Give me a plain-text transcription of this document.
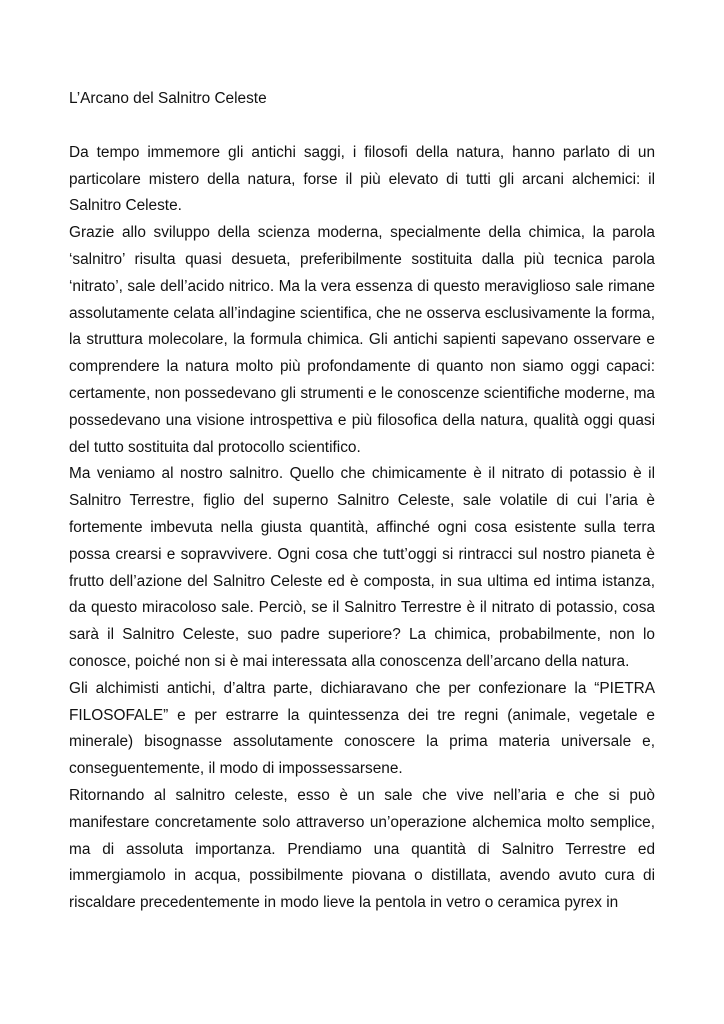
L’Arcano del Salnitro Celeste

Da tempo immemore gli antichi saggi, i filosofi della natura, hanno parlato di un particolare mistero della natura, forse il più elevato di tutti gli arcani alchemici: il Salnitro Celeste.

Grazie allo sviluppo della scienza moderna, specialmente della chimica, la parola ‘salnitro’ risulta quasi desueta, preferibilmente sostituita dalla più tecnica parola ‘nitrato’, sale dell’acido nitrico. Ma la vera essenza di questo meraviglioso sale rimane assolutamente celata all’indagine scientifica, che ne osserva esclusivamente la forma, la struttura molecolare, la formula chimica. Gli antichi sapienti sapevano osservare e comprendere la natura molto più profondamente di quanto non siamo oggi capaci: certamente, non possedevano gli strumenti e le conoscenze scientifiche moderne, ma possedevano una visione introspettiva e più filosofica della natura, qualità oggi quasi del tutto sostituita dal protocollo scientifico.

Ma veniamo al nostro salnitro. Quello che chimicamente è il nitrato di potassio è il Salnitro Terrestre, figlio del superno Salnitro Celeste, sale volatile di cui l’aria è fortemente imbevuta nella giusta quantità, affinché ogni cosa esistente sulla terra possa crearsi e sopravvivere. Ogni cosa che tutt’oggi si rintracci sul nostro pianeta è frutto dell’azione del Salnitro Celeste ed è composta, in sua ultima ed intima istanza, da questo miracoloso sale. Perciò, se il Salnitro Terrestre è il nitrato di potassio, cosa sarà il Salnitro Celeste, suo padre superiore? La chimica, probabilmente, non lo conosce, poiché non si è mai interessata alla conoscenza dell’arcano della natura.

Gli alchimisti antichi, d’altra parte, dichiaravano che per confezionare la “PIETRA FILOSOFALE” e per estrarre la quintessenza dei tre regni (animale, vegetale e minerale) bisognasse assolutamente conoscere la prima materia universale e, conseguentemente, il modo di impossessarsene.

Ritornando al salnitro celeste, esso è un sale che vive nell’aria e che si può manifestare concretamente solo attraverso un’operazione alchemica molto semplice, ma di assoluta importanza. Prendiamo una quantità di Salnitro Terrestre ed immergiamolo in acqua, possibilmente piovana o distillata, avendo avuto cura di riscaldare precedentemente in modo lieve la pentola in vetro o ceramica pyrex in
